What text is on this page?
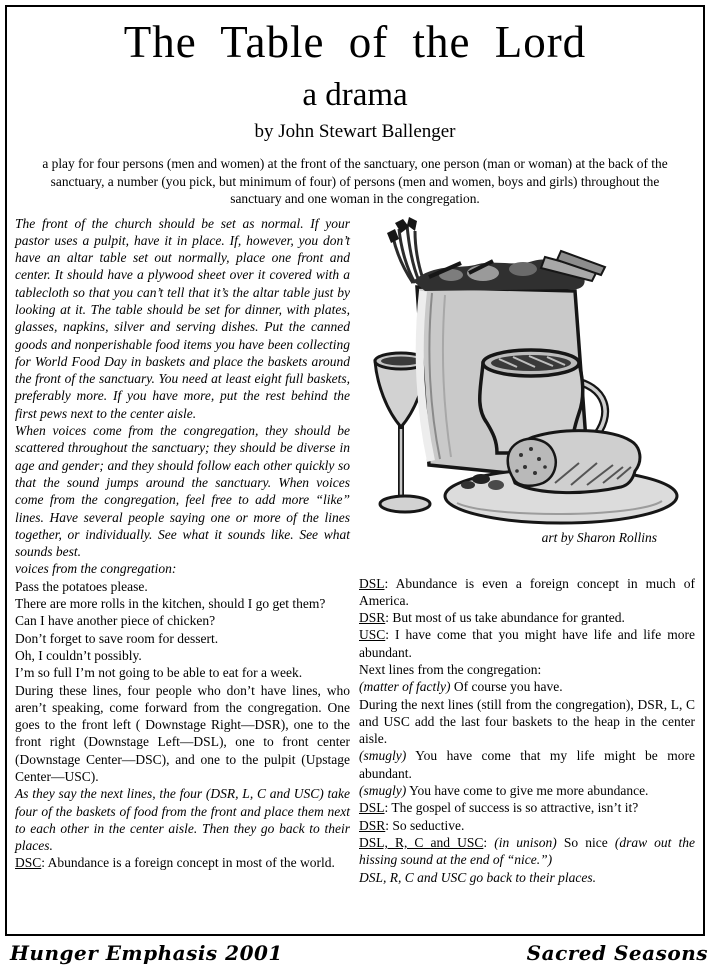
The Table of the Lord
a drama
by John Stewart Ballenger

a play for four persons (men and women) at the front of the sanctuary, one person (man or woman) at the back of the sanctuary, a number (you pick, but minimum of four) of persons (men and women, boys and girls) throughout the sanctuary and one woman in the congregation.

The front of the church should be set as normal. If your pastor uses a pulpit, have it in place. If, however, you don’t have an altar table set out normally, place one front and center. It should have a plywood sheet over it covered with a tablecloth so that you can’t tell that it’s the altar table just by looking at it. The table should be set for dinner, with plates, glasses, napkins, silver and serving dishes. Put the canned goods and nonperishable food items you have been collecting for World Food Day in baskets and place the baskets around the front of the sanctuary. You need at least eight full baskets, preferably more. If you have more, put the rest behind the first pews next to the center aisle.

When voices come from the congregation, they should be scattered throughout the sanctuary; they should be diverse in age and gender; and they should follow each other quickly so that the sound jumps around the sanctuary. When voices come from the congregation, feel free to add more “like” lines. Have several people saying one or more of the lines together, or individually. See what it sounds like. See what sounds best.

voices from the congregation:
Pass the potatoes please.
There are more rolls in the kitchen, should I go get them?
Can I have another piece of chicken?
Don’t forget to save room for dessert.
Oh, I couldn’t possibly.
I’m so full I’m not going to be able to eat for a week.
During these lines, four people who don’t have lines, who aren’t speaking, come forward from the congregation. One goes to the front left ( Downstage Right—DSR), one to the front right (Downstage Left—DSL), one to front center (Downstage Center—DSC), and one to the pulpit (Upstage Center—USC).

As they say the next lines, the four (DSR, L, C and USC) take four of the baskets of food from the front and place them next to each other in the center aisle. Then they go back to their places.

DSC: Abundance is a foreign concept in most of the world.
art by Sharon Rollins
DSL: Abundance is even a foreign concept in much of America.
DSR: But most of us take abundance for granted.
USC: I have come that you might have life and life more abundant.
Next lines from the congregation:
(matter of factly) Of course you have.
During the next lines (still from the congregation), DSR, L, C and USC add the last four baskets to the heap in the center aisle.
(smugly) You have come that my life might be more abundant.
(smugly) You have come to give me more abundance.
DSL: The gospel of success is so attractive, isn’t it?
DSR: So seductive.
DSL, R, C and USC: (in unison) So nice (draw out the hissing sound at the end of “nice.”)
DSL, R, C and USC go back to their places.
Hunger Emphasis 2001	Sacred Seasons
